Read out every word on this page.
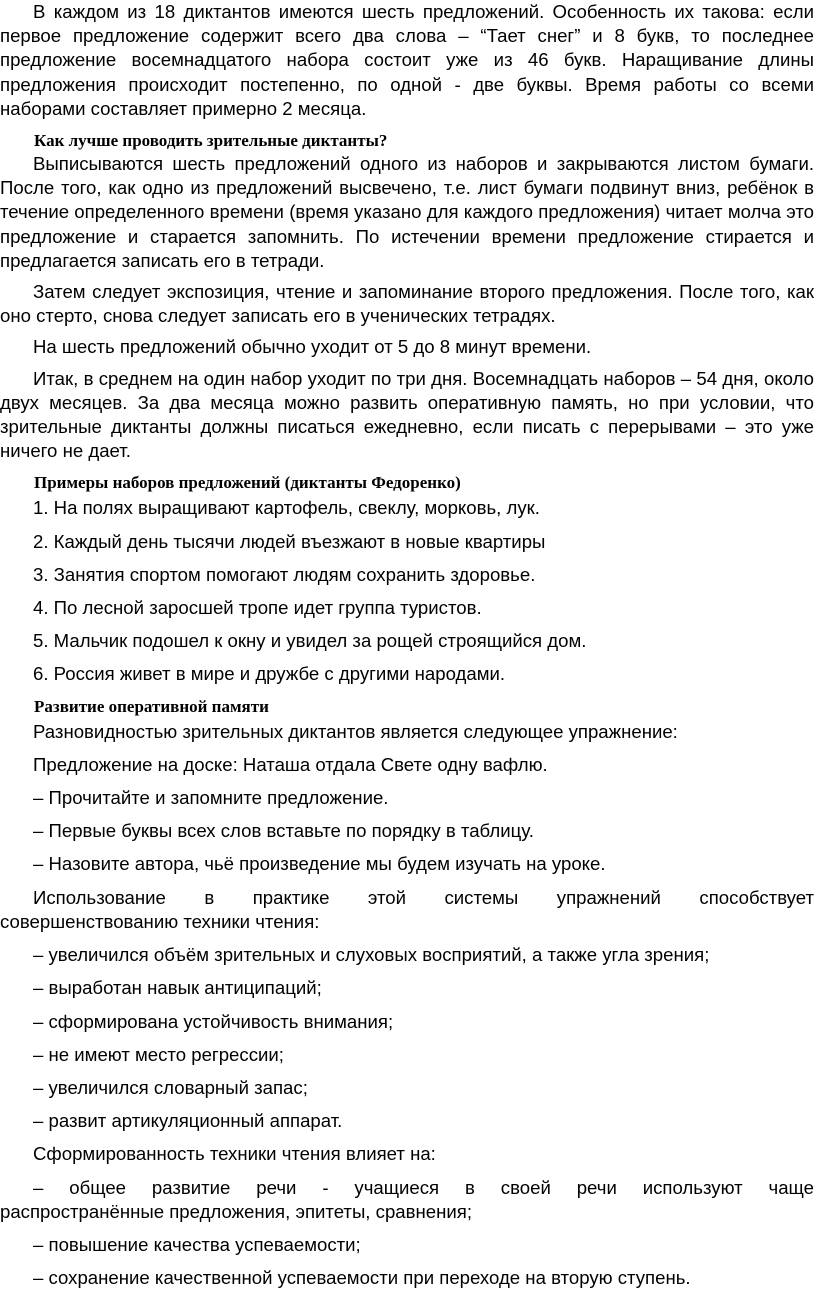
В каждом из 18 диктантов имеются шесть предложений. Особенность их такова: если первое предложение содержит всего два слова – “Тает снег” и 8 букв, то последнее предложение восемнадцатого набора состоит уже из 46 букв. Наращивание длины предложения происходит постепенно, по одной - две буквы. Время работы со всеми наборами составляет примерно 2 месяца.

Как лучше проводить зрительные диктанты?

Выписываются шесть предложений одного из наборов и закрываются листом бумаги. После того, как одно из предложений высвечено, т.е. лист бумаги подвинут вниз, ребёнок в течение определенного времени (время указано для каждого предложения) читает молча это предложение и старается запомнить. По истечении времени предложение стирается и предлагается записать его в тетради.

Затем следует экспозиция, чтение и запоминание второго предложения. После того, как оно стерто, снова следует записать его в ученических тетрадях.

На шесть предложений обычно уходит от 5 до 8 минут времени.

Итак, в среднем на один набор уходит по три дня. Восемнадцать наборов – 54 дня, около двух месяцев. За два месяца можно развить оперативную память, но при условии, что зрительные диктанты должны писаться ежедневно, если писать с перерывами – это уже ничего не дает.

Примеры наборов предложений (диктанты Федоренко)

1. На полях выращивают картофель, свеклу, морковь, лук.

2. Каждый день тысячи людей въезжают в новые квартиры

3. Занятия спортом помогают людям сохранить здоровье.

4. По лесной заросшей тропе идет группа туристов.

5. Мальчик подошел к окну и увидел за рощей строящийся дом.

6. Россия живет в мире и дружбе с другими народами.

Развитие оперативной памяти

Разновидностью зрительных диктантов является следующее упражнение:

Предложение на доске: Наташа отдала Свете одну вафлю.

– Прочитайте и запомните предложение.

– Первые буквы всех слов вставьте по порядку в таблицу.

– Назовите автора, чьё произведение мы будем изучать на уроке.

Использование в практике этой системы упражнений способствует

совершенствованию техники чтения:

– увеличился объём зрительных и слуховых восприятий, а также угла зрения;

– выработан навык антиципаций;

– сформирована устойчивость внимания;

– не имеют место регрессии;

– увеличился словарный запас;

– развит артикуляционный аппарат.

Сформированность техники чтения влияет на:

– общее развитие речи - учащиеся в своей речи используют чаще

распространённые предложения, эпитеты, сравнения;

– повышение качества успеваемости;

– сохранение качественной успеваемости при переходе на вторую ступень.
